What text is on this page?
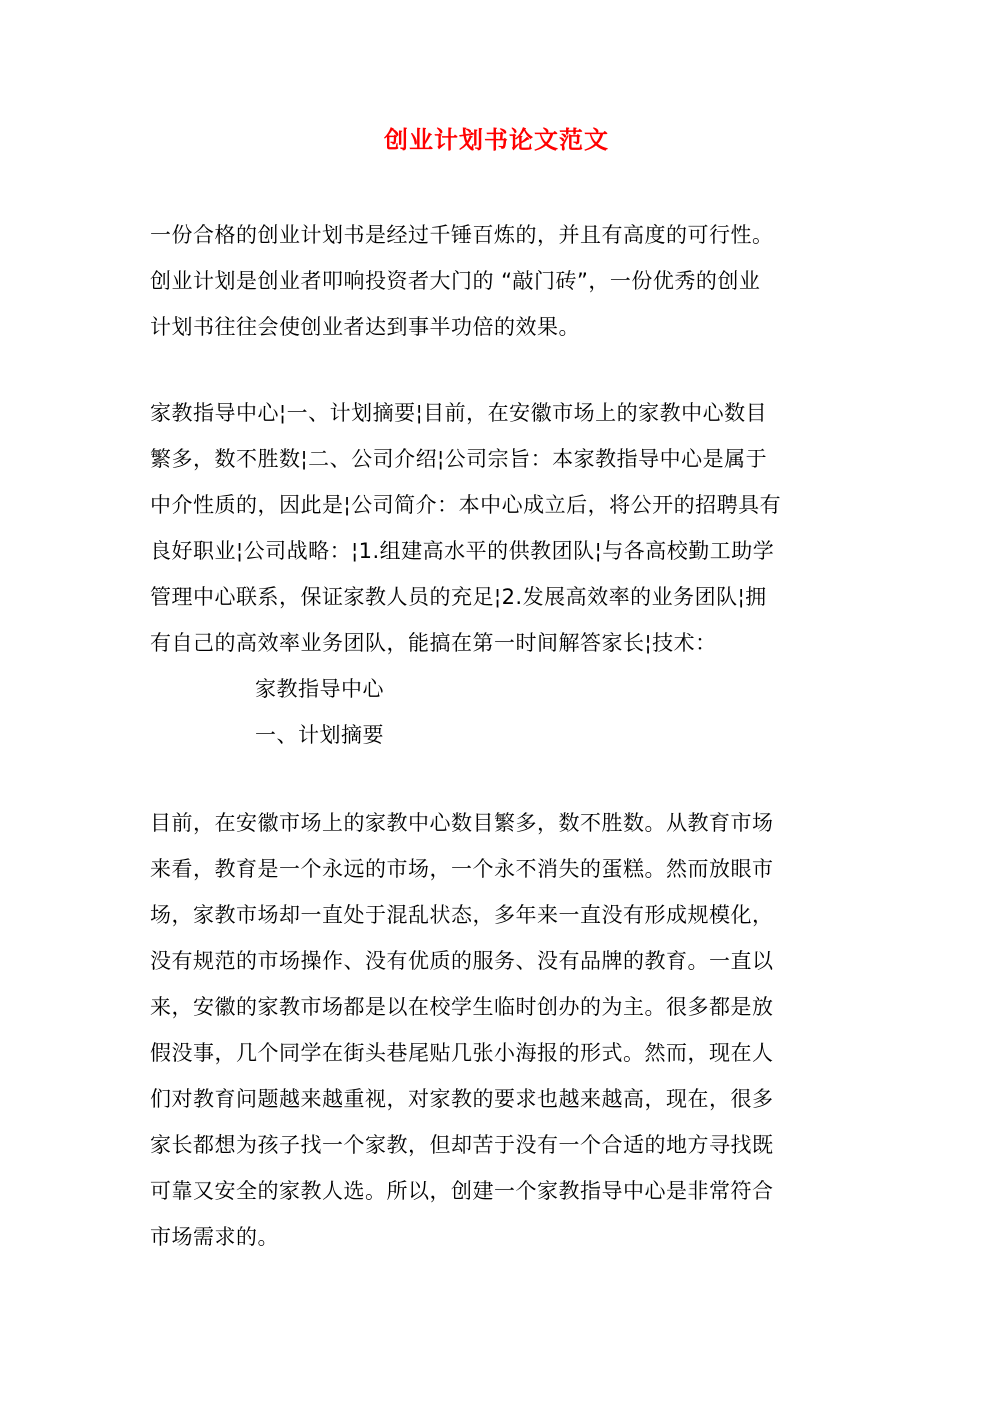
创业计划书论文范文
一份合格的创业计划书是经过千锤百炼的，并且有高度的可行性。
创业计划是创业者叩响投资者大门的 “敲门砖”，一份优秀的创业
计划书往往会使创业者达到事半功倍的效果。
家教指导中心¦一、计划摘要¦目前，在安徽市场上的家教中心数目
繁多，数不胜数¦二、公司介绍¦公司宗旨：本家教指导中心是属于
中介性质的，因此是¦公司简介：本中心成立后，将公开的招聘具有
良好职业¦公司战略：¦1.组建高水平的供教团队¦与各高校勤工助学
管理中心联系，保证家教人员的充足¦2.发展高效率的业务团队¦拥
有自己的高效率业务团队，能搞在第一时间解答家长¦技术：
家教指导中心
一、计划摘要
目前，在安徽市场上的家教中心数目繁多，数不胜数。从教育市场
来看，教育是一个永远的市场，一个永不消失的蛋糕。然而放眼市
场，家教市场却一直处于混乱状态，多年来一直没有形成规模化，
没有规范的市场操作、没有优质的服务、没有品牌的教育。一直以
来，安徽的家教市场都是以在校学生临时创办的为主。很多都是放
假没事，几个同学在街头巷尾贴几张小海报的形式。然而，现在人
们对教育问题越来越重视，对家教的要求也越来越高，现在，很多
家长都想为孩子找一个家教，但却苦于没有一个合适的地方寻找既
可靠又安全的家教人选。所以，创建一个家教指导中心是非常符合
市场需求的。
